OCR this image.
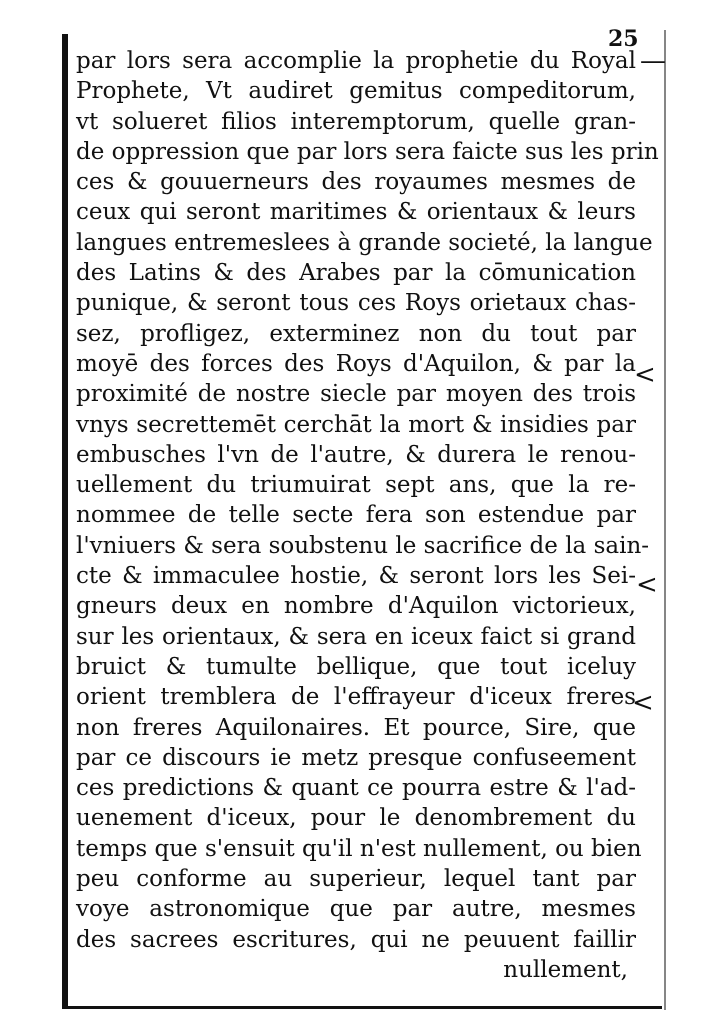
25
par lors sera accomplie la prophetie du Royal
Prophete, Vt audiret gemitus compeditorum,
vt solueret filios interemptorum, quelle gran-
de oppression que par lors sera faicte sus les prin
ces & gouuerneurs des royaumes mesmes de
ceux qui seront maritimes & orientaux & leurs
langues entremeslees à grande societé, la langue
des Latins & des Arabes par la cōmunication
punique, & seront tous ces Roys orietaux chas-
sez, profligez, exterminez non du tout par
moyē des forces des Roys d'Aquilon, & par la
proximité de nostre siecle par moyen des trois
vnys secrettemēt cerchāt la mort & insidies par
embusches l'vn de l'autre, & durera le renou-
uellement du triumuirat sept ans, que la re-
nommee de telle secte fera son estendue par
l'vniuers & sera soubstenu le sacrifice de la sain-
cte & immaculee hostie, & seront lors les Sei-
gneurs deux en nombre d'Aquilon victorieux,
sur les orientaux, & sera en iceux faict si grand
bruict & tumulte bellique, que tout iceluy
orient tremblera de l'effrayeur d'iceux freres
non freres Aquilonaires. Et pource, Sire, que
par ce discours ie metz presque confuseement
ces predictions & quant ce pourra estre & l'ad-
uenement d'iceux, pour le denombrement du
temps que s'ensuit qu'il n'est nullement, ou bien
peu conforme au superieur, lequel tant par
voye astronomique que par autre, mesmes
des sacrees escritures, qui ne peuuent faillir
nullement,
—
<
<
<
